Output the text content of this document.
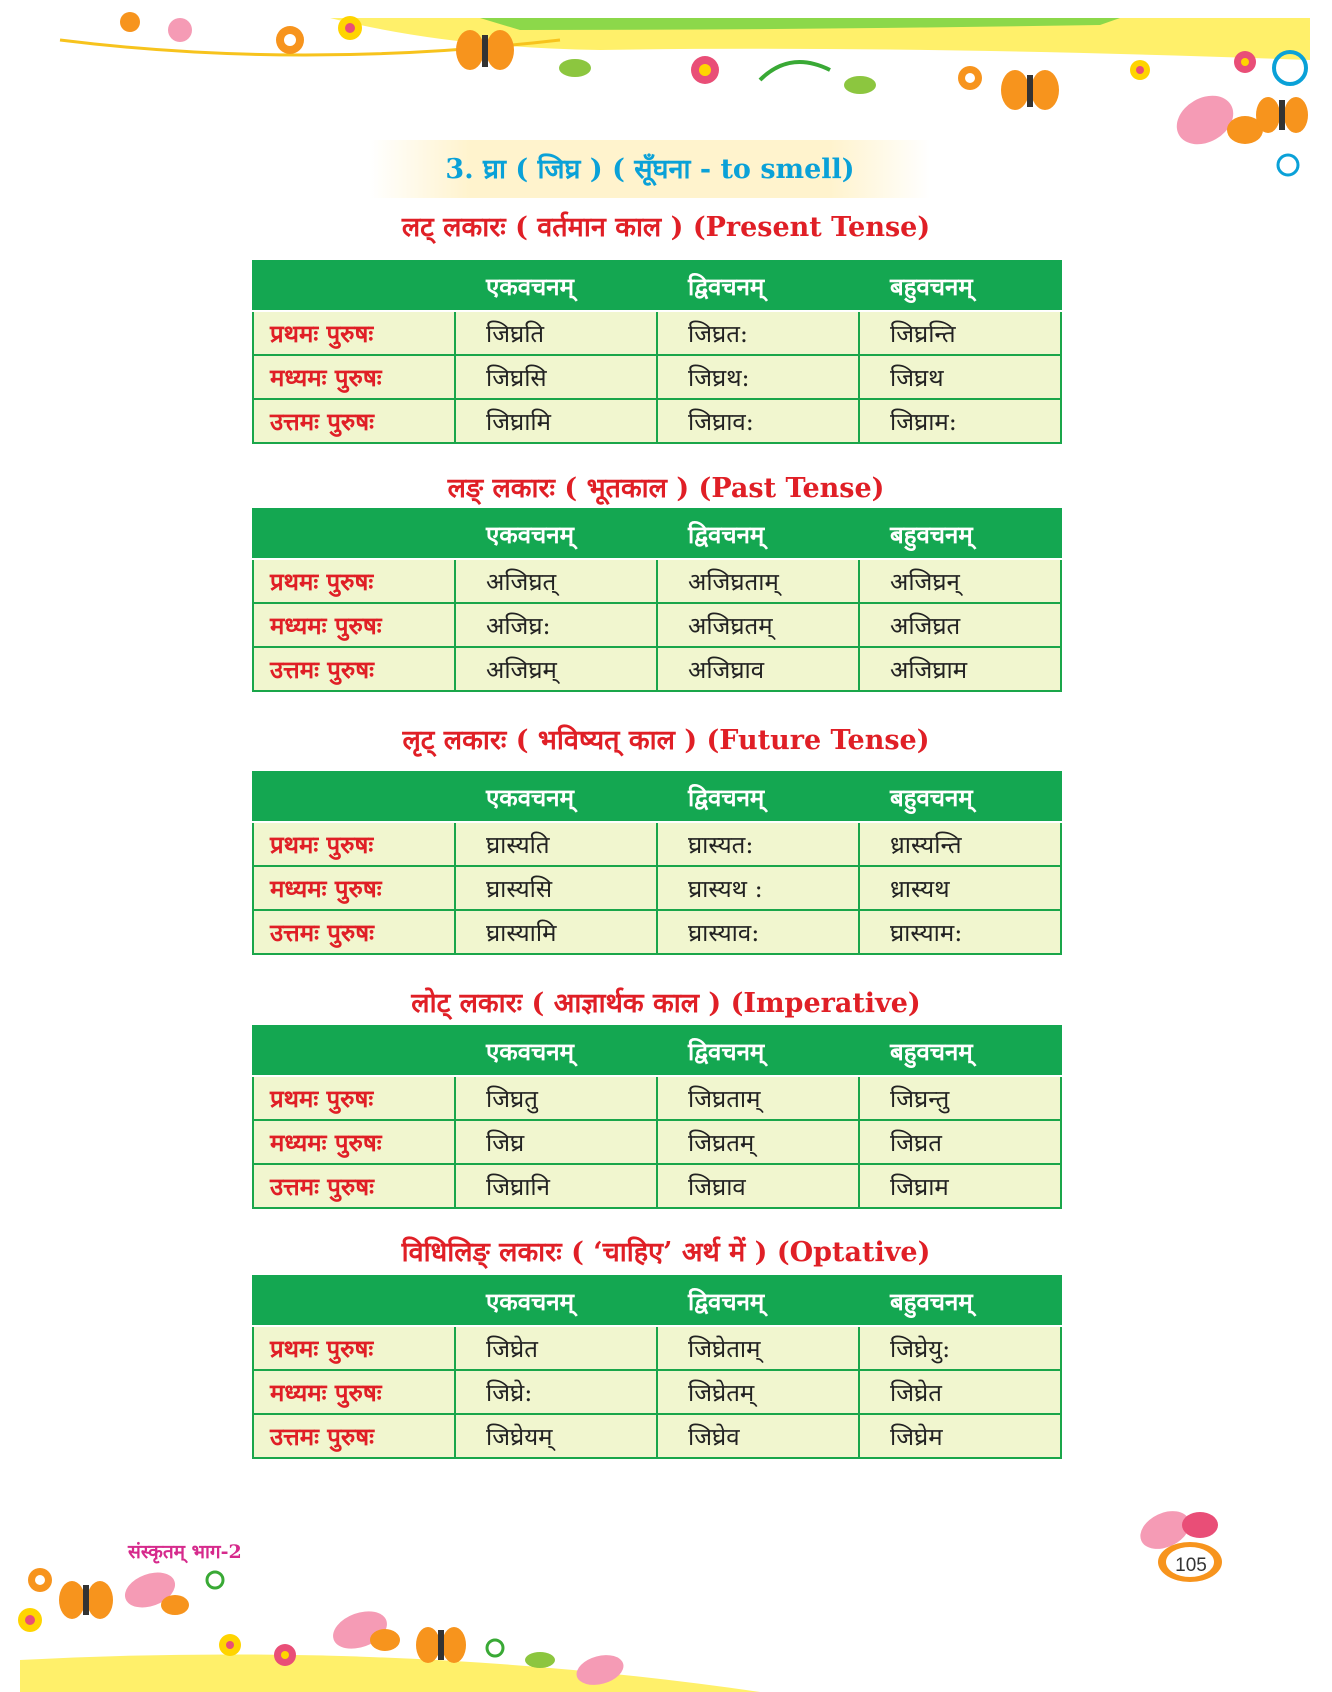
3. घ्रा ( जिघ्र ) ( सूँघना - to smell)
लट् लकारः ( वर्तमान काल ) (Present Tense)
	एकवचनम्	द्विवचनम्	बहुवचनम्
प्रथमः पुरुषः	जिघ्रति	जिघ्रत:	जिघ्रन्ति
मध्यमः पुरुषः	जिघ्रसि	जिघ्रथ:	जिघ्रथ
उत्तमः पुरुषः	जिघ्रामि	जिघ्राव:	जिघ्राम:
लङ् लकारः ( भूतकाल ) (Past Tense)
	एकवचनम्	द्विवचनम्	बहुवचनम्
प्रथमः पुरुषः	अजिघ्रत्	अजिघ्रताम्	अजिघ्रन्
मध्यमः पुरुषः	अजिघ्र:	अजिघ्रतम्	अजिघ्रत
उत्तमः पुरुषः	अजिघ्रम्	अजिघ्राव	अजिघ्राम
लृट् लकारः ( भविष्यत् काल ) (Future Tense)
	एकवचनम्	द्विवचनम्	बहुवचनम्
प्रथमः पुरुषः	घ्रास्यति	घ्रास्यत:	ध्रास्यन्ति
मध्यमः पुरुषः	घ्रास्यसि	घ्रास्यथ :	ध्रास्यथ
उत्तमः पुरुषः	घ्रास्यामि	घ्रास्याव:	घ्रास्याम:
लोट् लकारः ( आज्ञार्थक काल ) (Imperative)
	एकवचनम्	द्विवचनम्	बहुवचनम्
प्रथमः पुरुषः	जिघ्रतु	जिघ्रताम्	जिघ्रन्तु
मध्यमः पुरुषः	जिघ्र	जिघ्रतम्	जिघ्रत
उत्तमः पुरुषः	जिघ्रानि	जिघ्राव	जिघ्राम
विधिलिङ् लकारः ( ‘चाहिए’ अर्थ में ) (Optative)
	एकवचनम्	द्विवचनम्	बहुवचनम्
प्रथमः पुरुषः	जिघ्रेत	जिघ्रेताम्	जिघ्रेयु:
मध्यमः पुरुषः	जिघ्रे:	जिघ्रेतम्	जिघ्रेत
उत्तमः पुरुषः	जिघ्रेयम्	जिघ्रेव	जिघ्रेम
संस्कृतम् भाग-2
105
